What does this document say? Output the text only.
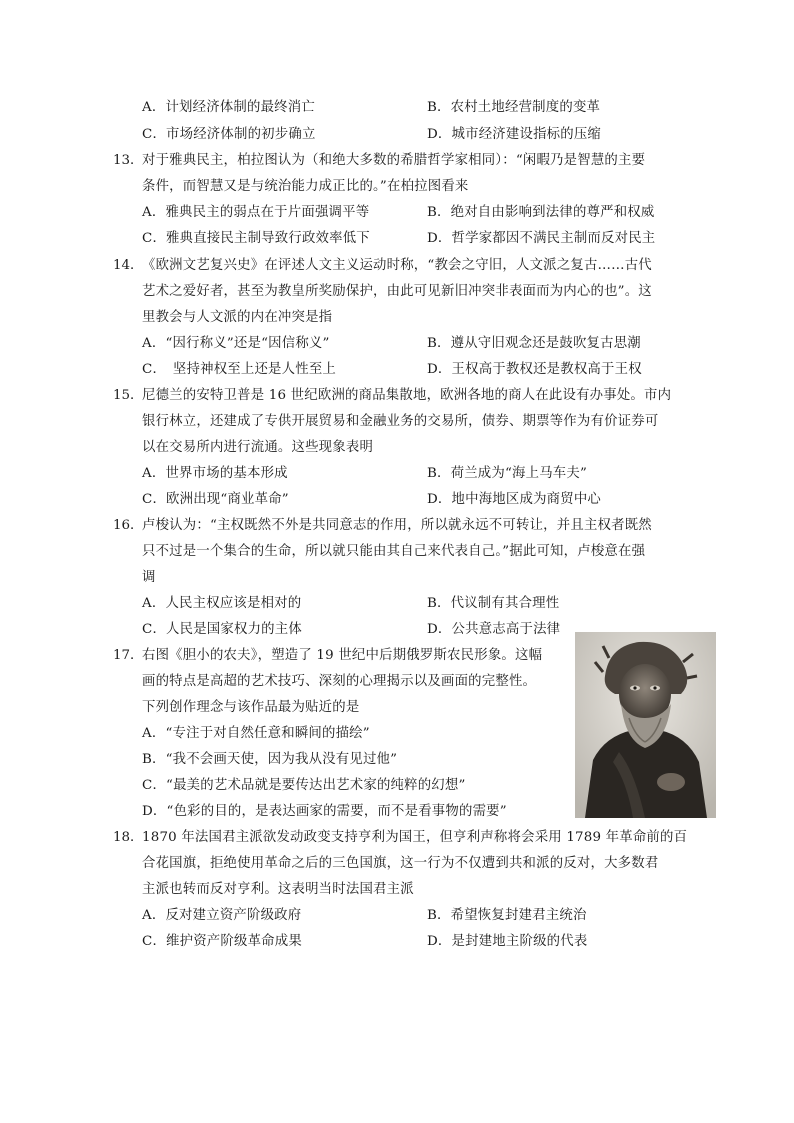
A．计划经济体制的最终消亡	B．农村土地经营制度的变革
C．市场经济体制的初步确立	D．城市经济建设指标的压缩
13．
对于雅典民主，柏拉图认为（和绝大多数的希腊哲学家相同）：“闲暇乃是智慧的主要
条件，而智慧又是与统治能力成正比的。”在柏拉图看来
A．雅典民主的弱点在于片面强调平等	B．绝对自由影响到法律的尊严和权威
C．雅典直接民主制导致行政效率低下	D．哲学家都因不满民主制而反对民主
14．
《欧洲文艺复兴史》在评述人文主义运动时称，“教会之守旧，人文派之复古……古代
艺术之爱好者，甚至为教皇所奖励保护，由此可见新旧冲突非表面而为内心的也”。这
里教会与人文派的内在冲突是指
A．“因行称义”还是“因信称义”	B．遵从守旧观念还是鼓吹复古思潮
C．　坚持神权至上还是人性至上	D．王权高于教权还是教权高于王权
15．
尼德兰的安特卫普是 16 世纪欧洲的商品集散地，欧洲各地的商人在此设有办事处。市内
银行林立，还建成了专供开展贸易和金融业务的交易所，债券、期票等作为有价证券可
以在交易所内进行流通。这些现象表明
A．世界市场的基本形成	B．荷兰成为“海上马车夫”
C．欧洲出现“商业革命”	D．地中海地区成为商贸中心
16．
卢梭认为：“主权既然不外是共同意志的作用，所以就永远不可转让，并且主权者既然
只不过是一个集合的生命，所以就只能由其自己来代表自己。”据此可知，卢梭意在强
调
A．人民主权应该是相对的	B．代议制有其合理性
C．人民是国家权力的主体	D．公共意志高于法律
17．
右图《胆小的农夫》，塑造了 19 世纪中后期俄罗斯农民形象。这幅
画的特点是高超的艺术技巧、深刻的心理揭示以及画面的完整性。
下列创作理念与该作品最为贴近的是
A．“专注于对自然任意和瞬间的描绘”
B．“我不会画天使，因为我从没有见过他”
C．“最美的艺术品就是要传达出艺术家的纯粹的幻想”
D．“色彩的目的，是表达画家的需要，而不是看事物的需要”
18．
1870 年法国君主派欲发动政变支持亨利为国王，但亨利声称将会采用 1789 年革命前的百
合花国旗，拒绝使用革命之后的三色国旗，这一行为不仅遭到共和派的反对，大多数君
主派也转而反对亨利。这表明当时法国君主派
A．反对建立资产阶级政府	B．希望恢复封建君主统治
C．维护资产阶级革命成果	D．是封建地主阶级的代表
